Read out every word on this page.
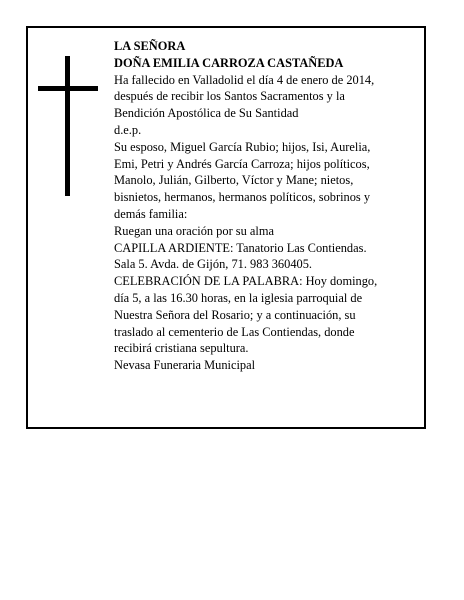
LA SEÑORA
DOÑA EMILIA CARROZA CASTAÑEDA
Ha fallecido en Valladolid el día 4 de enero de 2014,
después de recibir los Santos Sacramentos y la
Bendición Apostólica de Su Santidad
d.e.p.
Su esposo, Miguel García Rubio; hijos, Isi, Aurelia,
Emi, Petri y Andrés García Carroza; hijos políticos,
Manolo, Julián, Gilberto, Víctor y Mane; nietos,
bisnietos, hermanos, hermanos políticos, sobrinos y
demás familia:
Ruegan una oración por su alma
CAPILLA ARDIENTE: Tanatorio Las Contiendas.
Sala 5. Avda. de Gijón, 71. 983 360405.
CELEBRACIÓN DE LA PALABRA: Hoy domingo,
día 5, a las 16.30 horas, en la iglesia parroquial de
Nuestra Señora del Rosario; y a continuación, su
traslado al cementerio de Las Contiendas, donde
recibirá cristiana sepultura.
Nevasa Funeraria Municipal
